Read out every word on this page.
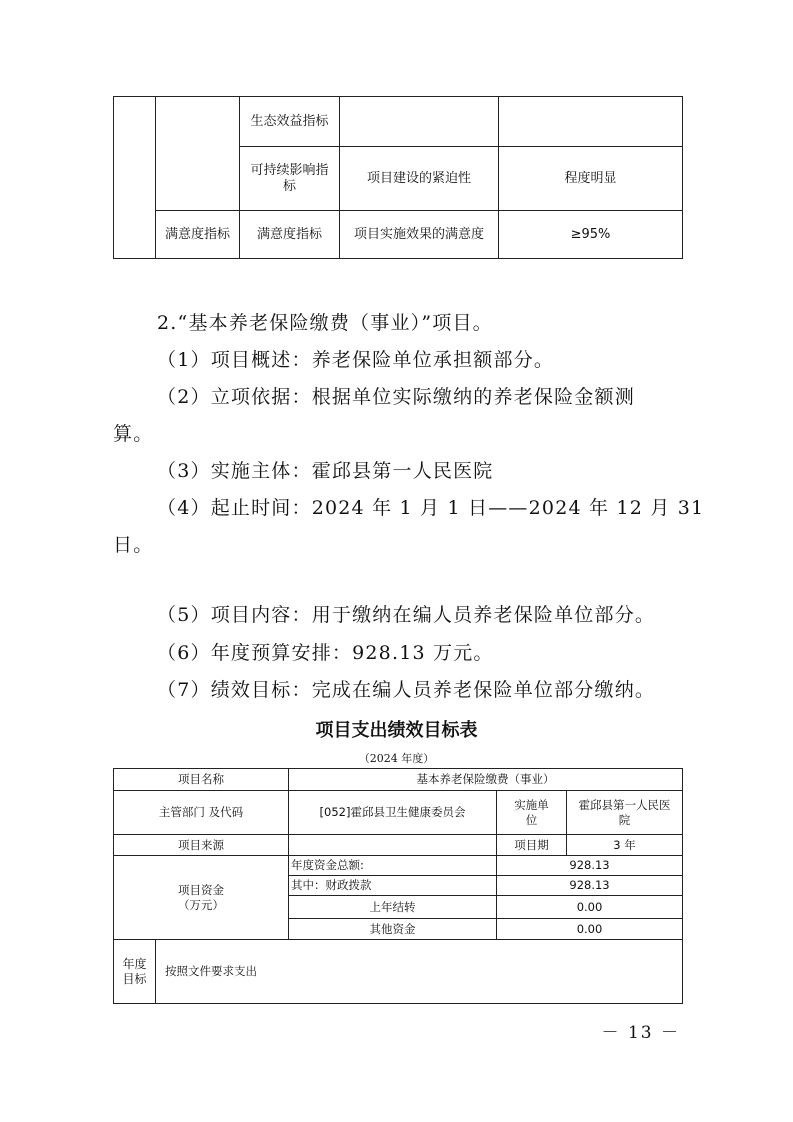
		生态效益指标		
		可持续影响指标	项目建设的紧迫性	程度明显
	满意度指标	满意度指标	项目实施效果的满意度	≥95%
2.“基本养老保险缴费（事业）”项目。
（1）项目概述：养老保险单位承担额部分。
（2）立项依据：根据单位实际缴纳的养老保险金额测
算。
（3）实施主体：霍邱县第一人民医院
（4）起止时间：2024 年 1 月 1 日——2024 年 12 月 31
日。
（5）项目内容：用于缴纳在编人员养老保险单位部分。
（6）年度预算安排：928.13 万元。
（7）绩效目标：完成在编人员养老保险单位部分缴纳。
项目支出绩效目标表
（2024 年度）
项目名称		基本养老保险缴费（事业）		
主管部门 及代码		[052]霍邱县卫生健康委员会	实施单位	霍邱县第一人民医院
项目来源			项目期	3 年

项目资金
（万元）		年度资金总额:	928.13	
		其中：财政拨款	928.13	
		上年结转	0.00	
		其他资金	0.00	
年度目标	按照文件要求支出			
－ 13 －
